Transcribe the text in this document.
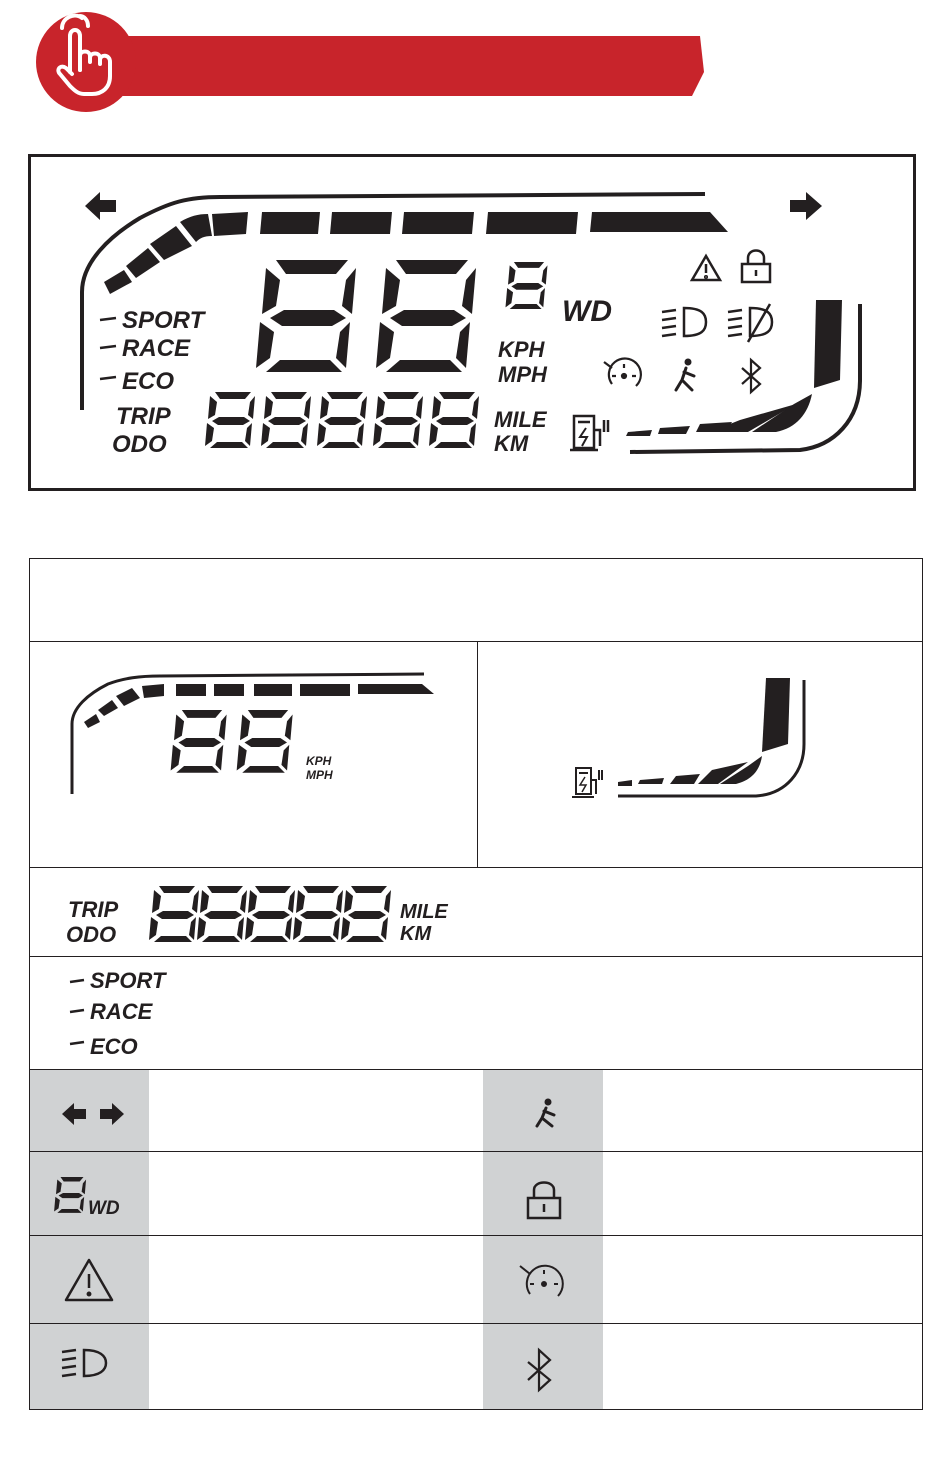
WD
KPH
MPH
SPORT
RACE
ECO
TRIP
ODO
MILE
KM
KPH
MPH
TRIP
ODO
MILE
KM
SPORT
RACE
ECO
WD
